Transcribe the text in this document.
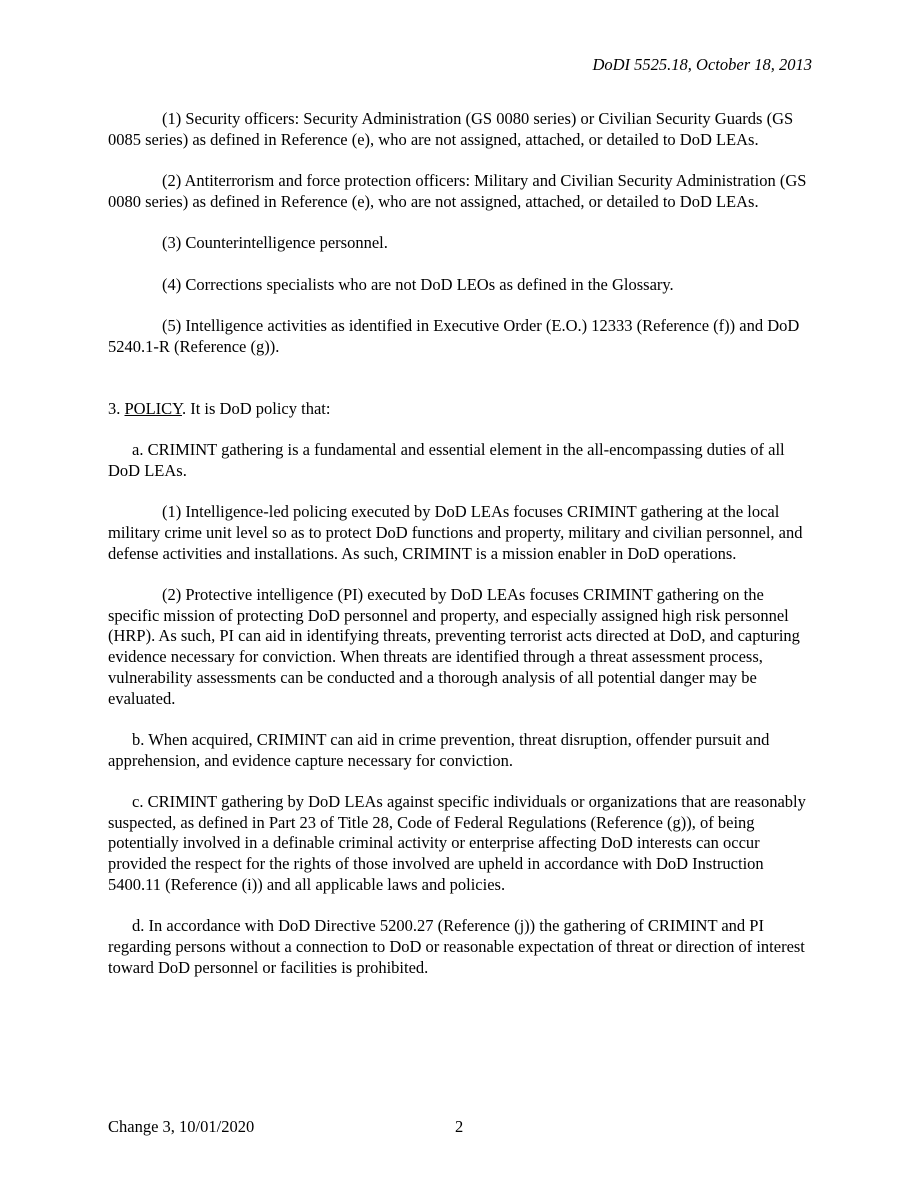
DoDI 5525.18, October 18, 2013

(1) Security officers: Security Administration (GS 0080 series) or Civilian Security Guards (GS 0085 series) as defined in Reference (e), who are not assigned, attached, or detailed to DoD LEAs.

(2) Antiterrorism and force protection officers: Military and Civilian Security Administration (GS 0080 series) as defined in Reference (e), who are not assigned, attached, or detailed to DoD LEAs.

(3) Counterintelligence personnel.

(4) Corrections specialists who are not DoD LEOs as defined in the Glossary.

(5) Intelligence activities as identified in Executive Order (E.O.) 12333 (Reference (f)) and DoD 5240.1-R (Reference (g)).

3. POLICY. It is DoD policy that:

a. CRIMINT gathering is a fundamental and essential element in the all-encompassing duties of all DoD LEAs.

(1) Intelligence-led policing executed by DoD LEAs focuses CRIMINT gathering at the local military crime unit level so as to protect DoD functions and property, military and civilian personnel, and defense activities and installations. As such, CRIMINT is a mission enabler in DoD operations.

(2) Protective intelligence (PI) executed by DoD LEAs focuses CRIMINT gathering on the specific mission of protecting DoD personnel and property, and especially assigned high risk personnel (HRP). As such, PI can aid in identifying threats, preventing terrorist acts directed at DoD, and capturing evidence necessary for conviction. When threats are identified through a threat assessment process, vulnerability assessments can be conducted and a thorough analysis of all potential danger may be evaluated.

b. When acquired, CRIMINT can aid in crime prevention, threat disruption, offender pursuit and apprehension, and evidence capture necessary for conviction.

c. CRIMINT gathering by DoD LEAs against specific individuals or organizations that are reasonably suspected, as defined in Part 23 of Title 28, Code of Federal Regulations (Reference (g)), of being potentially involved in a definable criminal activity or enterprise affecting DoD interests can occur provided the respect for the rights of those involved are upheld in accordance with DoD Instruction 5400.11 (Reference (i)) and all applicable laws and policies.

d. In accordance with DoD Directive 5200.27 (Reference (j)) the gathering of CRIMINT and PI regarding persons without a connection to DoD or reasonable expectation of threat or direction of interest toward DoD personnel or facilities is prohibited.

Change 3, 10/01/2020	2
